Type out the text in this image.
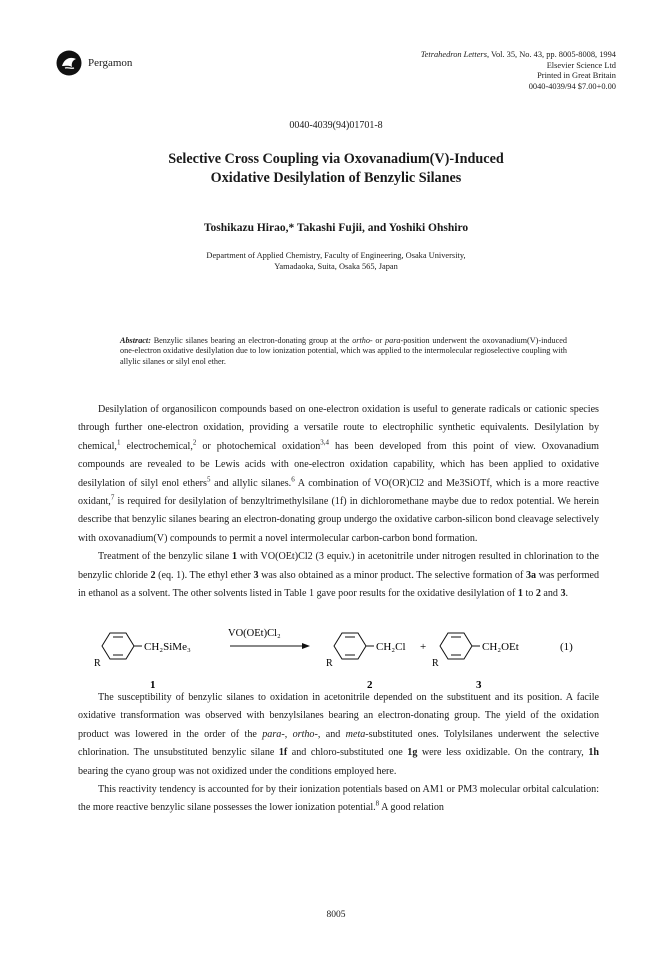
Pergamon
Tetrahedron Letters, Vol. 35, No. 43, pp. 8005-8008, 1994
Elsevier Science Ltd
Printed in Great Britain
0040-4039/94 $7.00+0.00
0040-4039(94)01701-8
Selective Cross Coupling via Oxovanadium(V)-Induced
Oxidative Desilylation of Benzylic Silanes
Toshikazu Hirao,* Takashi Fujii, and Yoshiki Ohshiro
Department of Applied Chemistry, Faculty of Engineering, Osaka University,
Yamadaoka, Suita, Osaka 565, Japan
Abstract: Benzylic silanes bearing an electron-donating group at the ortho- or para-position underwent the oxovanadium(V)-induced one-electron oxidative desilylation due to low ionization potential, which was applied to the intermolecular regioselective coupling with allylic silanes or silyl enol ether.

Desilylation of organosilicon compounds based on one-electron oxidation is useful to generate radicals or cationic species through further one-electron oxidation, providing a versatile route to electrophilic synthetic equivalents. Desilylation by chemical,$^1$ electrochemical,$^2$ or photochemical oxidation$^{3,4}$ has been developed from this point of view. Oxovanadium compounds are revealed to be Lewis acids with one-electron oxidation capability, which has been applied to oxidative desilylation of silyl enol ethers$^5$ and allylic silanes.$^6$ A combination of VO(OR)Cl2 and Me3SiOTf, which is a more reactive oxidant,$^7$ is required for desilylation of benzyltrimethylsilane (1f) in dichloromethane maybe due to redox potential. We herein describe that benzylic silanes bearing an electron-donating group undergo the oxidative carbon-silicon bond cleavage selectively with oxovanadium(V) compounds to permit a novel intermolecular carbon-carbon bond formation.

Treatment of the benzylic silane 1 with VO(OEt)Cl2 (3 equiv.) in acetonitrile under nitrogen resulted in chlorination to the benzylic chloride 2 (eq. 1). The ethyl ether 3 was also obtained as a minor product. The selective formation of 3a was performed in ethanol as a solvent. The other solvents listed in Table 1 gave poor results for the oxidative desilylation of 1 to 2 and 3.

CH₂SiMe₃
R
VO(OEt)Cl₂
CH₂Cl
R
+	CH₂OEt
R
(1)
1	2	3

The susceptibility of benzylic silanes to oxidation in acetonitrile depended on the substituent and its position. A facile oxidative transformation was observed with benzylsilanes bearing an electron-donating group. The yield of the oxidation product was lowered in the order of the para-, ortho-, and meta-substituted ones. Tolylsilanes underwent the selective chlorination. The unsubstituted benzylic silane 1f and chloro-substituted one 1g were less oxidizable. On the contrary, 1h bearing the cyano group was not oxidized under the conditions employed here.

This reactivity tendency is accounted for by their ionization potentials based on AM1 or PM3 molecular orbital calculation: the more reactive benzylic silane possesses the lower ionization potential.$^8$ A good relation

8005
